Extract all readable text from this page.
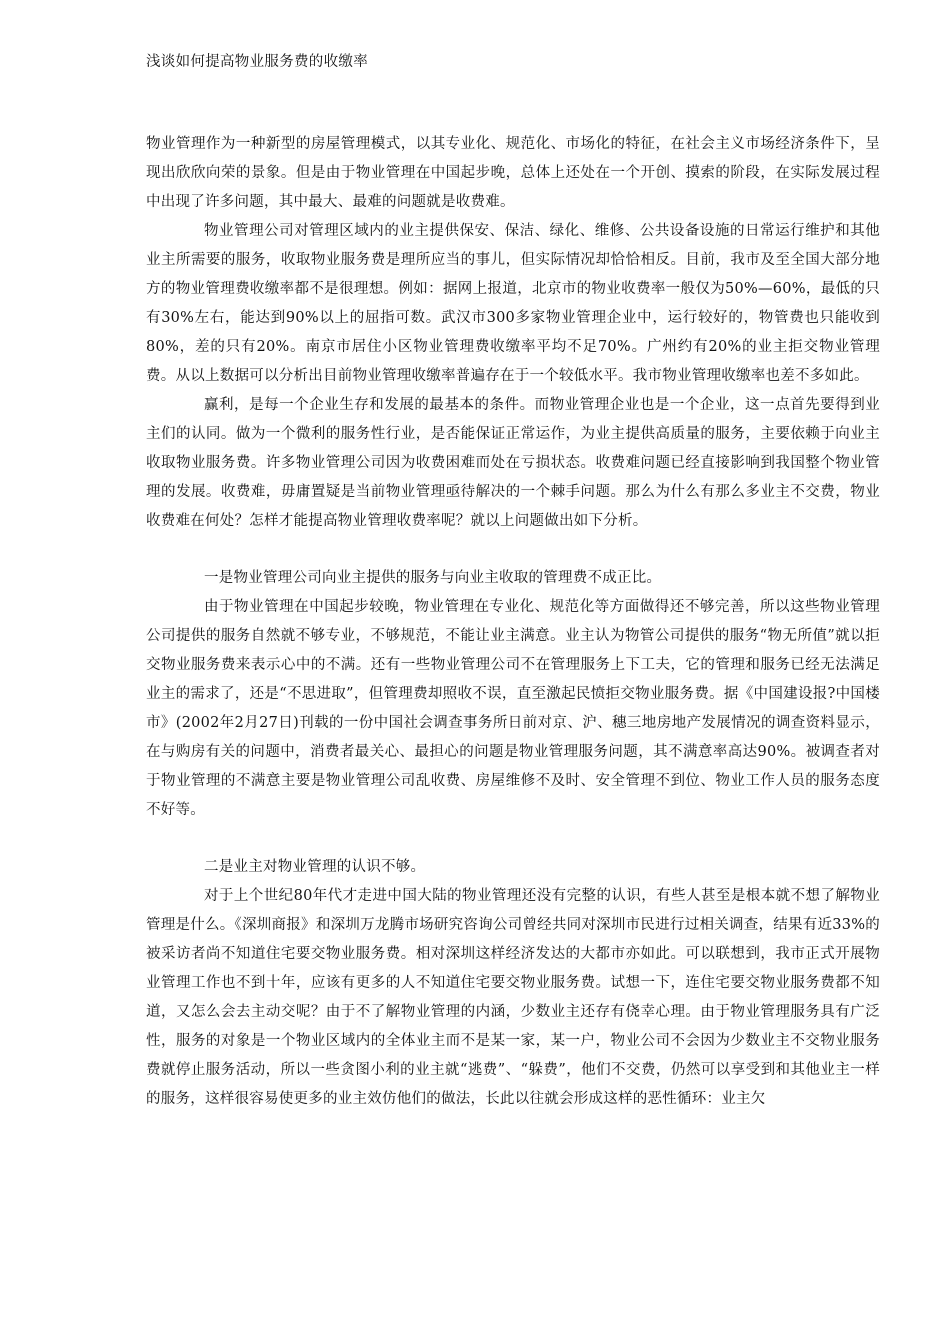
浅谈如何提高物业服务费的收缴率

物业管理作为一种新型的房屋管理模式，以其专业化、规范化、市场化的特征，在社会主义市场经济条件下，呈现出欣欣向荣的景象。但是由于物业管理在中国起步晚，总体上还处在一个开创、摸索的阶段，在实际发展过程中出现了许多问题，其中最大、最难的问题就是收费难。

物业管理公司对管理区域内的业主提供保安、保洁、绿化、维修、公共设备设施的日常运行维护和其他业主所需要的服务，收取物业服务费是理所应当的事儿，但实际情况却恰恰相反。目前，我市及至全国大部分地方的物业管理费收缴率都不是很理想。例如：据网上报道，北京市的物业收费率一般仅为50%—60%，最低的只有30%左右，能达到90%以上的屈指可数。武汉市300多家物业管理企业中，运行较好的，物管费也只能收到80%，差的只有20%。南京市居住小区物业管理费收缴率平均不足70%。广州约有20%的业主拒交物业管理费。从以上数据可以分析出目前物业管理收缴率普遍存在于一个较低水平。我市物业管理收缴率也差不多如此。

赢利，是每一个企业生存和发展的最基本的条件。而物业管理企业也是一个企业，这一点首先要得到业主们的认同。做为一个微利的服务性行业，是否能保证正常运作，为业主提供高质量的服务，主要依赖于向业主收取物业服务费。许多物业管理公司因为收费困难而处在亏损状态。收费难问题已经直接影响到我国整个物业管理的发展。收费难，毋庸置疑是当前物业管理亟待解决的一个棘手问题。那么为什么有那么多业主不交费，物业收费难在何处？怎样才能提高物业管理收费率呢？就以上问题做出如下分析。

一是物业管理公司向业主提供的服务与向业主收取的管理费不成正比。

由于物业管理在中国起步较晚，物业管理在专业化、规范化等方面做得还不够完善，所以这些物业管理公司提供的服务自然就不够专业，不够规范，不能让业主满意。业主认为物管公司提供的服务“物无所值”就以拒交物业服务费来表示心中的不满。还有一些物业管理公司不在管理服务上下工夫，它的管理和服务已经无法满足业主的需求了，还是“不思进取”，但管理费却照收不误，直至激起民愤拒交物业服务费。据《中国建设报?中国楼市》(2002年2月27日)刊载的一份中国社会调查事务所日前对京、沪、穗三地房地产发展情况的调查资料显示，在与购房有关的问题中，消费者最关心、最担心的问题是物业管理服务问题，其不满意率高达90%。被调查者对于物业管理的不满意主要是物业管理公司乱收费、房屋维修不及时、安全管理不到位、物业工作人员的服务态度不好等。

二是业主对物业管理的认识不够。

对于上个世纪80年代才走进中国大陆的物业管理还没有完整的认识，有些人甚至是根本就不想了解物业管理是什么。《深圳商报》和深圳万龙腾市场研究咨询公司曾经共同对深圳市民进行过相关调查，结果有近33%的被采访者尚不知道住宅要交物业服务费。相对深圳这样经济发达的大都市亦如此。可以联想到，我市正式开展物业管理工作也不到十年，应该有更多的人不知道住宅要交物业服务费。试想一下，连住宅要交物业服务费都不知道，又怎么会去主动交呢？由于不了解物业管理的内涵，少数业主还存有侥幸心理。由于物业管理服务具有广泛性，服务的对象是一个物业区域内的全体业主而不是某一家，某一户，物业公司不会因为少数业主不交物业服务费就停止服务活动，所以一些贪图小利的业主就“逃费”、“躲费”，他们不交费，仍然可以享受到和其他业主一样的服务，这样很容易使更多的业主效仿他们的做法，长此以往就会形成这样的恶性循环：业主欠
